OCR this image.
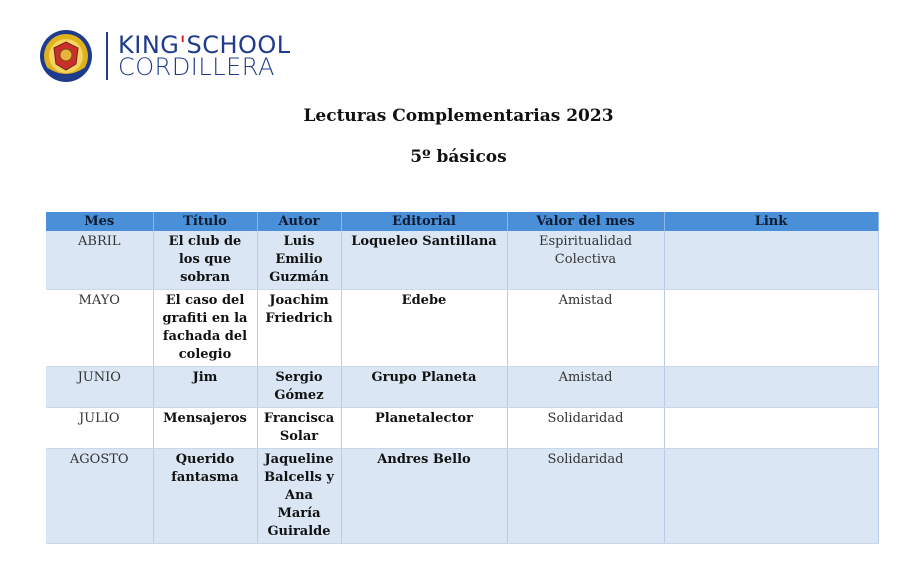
KING'SCHOOL
CORDILLERA
Lecturas Complementarias 2023
5º básicos
Mes	Título	Autor	Editorial	Valor del mes	Link
ABRIL	El club de los que sobran	Luis Emilio Guzmán	Loqueleo Santillana	Espiritualidad Colectiva	
MAYO	El caso del grafiti en la fachada del colegio	Joachim Friedrich	Edebe	Amistad	
JUNIO	Jim	Sergio Gómez	Grupo Planeta	Amistad	
JULIO	Mensajeros	Francisca Solar	Planetalector	Solidaridad	
AGOSTO	Querido fantasma	Jaqueline Balcells y Ana María Guiralde	Andres Bello	Solidaridad	
